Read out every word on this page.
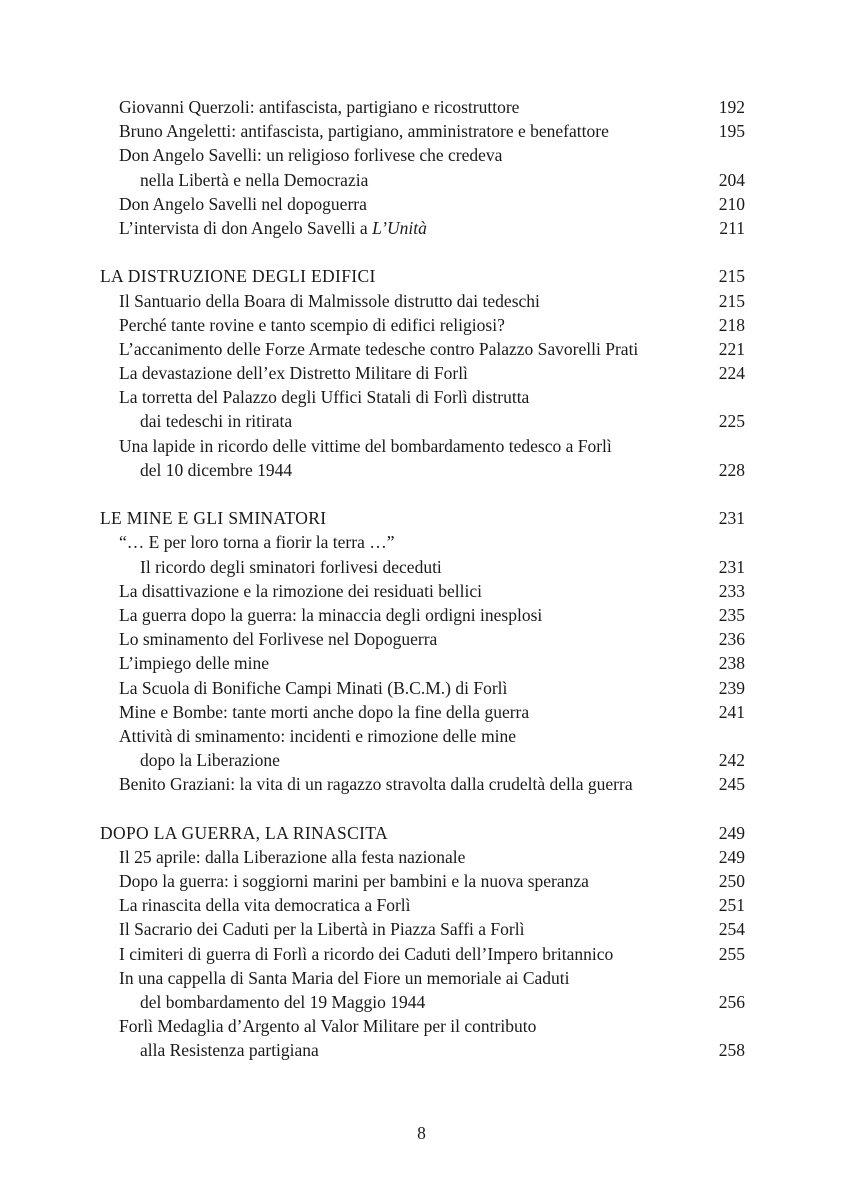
Giovanni Querzoli: antifascista, partigiano e ricostruttore	192
Bruno Angeletti: antifascista, partigiano, amministratore e benefattore	195
Don Angelo Savelli: un religioso forlivese che credeva
nella Libertà e nella Democrazia	204
Don Angelo Savelli nel dopoguerra	210
L’intervista di don Angelo Savelli a L’Unità	211
LA DISTRUZIONE DEGLI EDIFICI	215
Il Santuario della Boara di Malmissole distrutto dai tedeschi	215
Perché tante rovine e tanto scempio di edifici religiosi?	218
L’accanimento delle Forze Armate tedesche contro Palazzo Savorelli Prati	221
La devastazione dell’ex Distretto Militare di Forlì	224
La torretta del Palazzo degli Uffici Statali di Forlì distrutta
dai tedeschi in ritirata	225
Una lapide in ricordo delle vittime del bombardamento tedesco a Forlì
del 10 dicembre 1944	228
LE MINE E GLI SMINATORI	231
“… E per loro torna a fiorir la terra …”
Il ricordo degli sminatori forlivesi deceduti	231
La disattivazione e la rimozione dei residuati bellici	233
La guerra dopo la guerra: la minaccia degli ordigni inesplosi	235
Lo sminamento del Forlivese nel Dopoguerra	236
L’impiego delle mine	238
La Scuola di Bonifiche Campi Minati (B.C.M.) di Forlì	239
Mine e Bombe: tante morti anche dopo la fine della guerra	241
Attività di sminamento: incidenti e rimozione delle mine
dopo la Liberazione	242
Benito Graziani: la vita di un ragazzo stravolta dalla crudeltà della guerra	245
DOPO LA GUERRA, LA RINASCITA	249
Il 25 aprile: dalla Liberazione alla festa nazionale	249
Dopo la guerra: i soggiorni marini per bambini e la nuova speranza	250
La rinascita della vita democratica a Forlì	251
Il Sacrario dei Caduti per la Libertà in Piazza Saffi a Forlì	254
I cimiteri di guerra di Forlì a ricordo dei Caduti dell’Impero britannico	255
In una cappella di Santa Maria del Fiore un memoriale ai Caduti
del bombardamento del 19 Maggio 1944	256
Forlì Medaglia d’Argento al Valor Militare per il contributo
alla Resistenza partigiana	258
8
